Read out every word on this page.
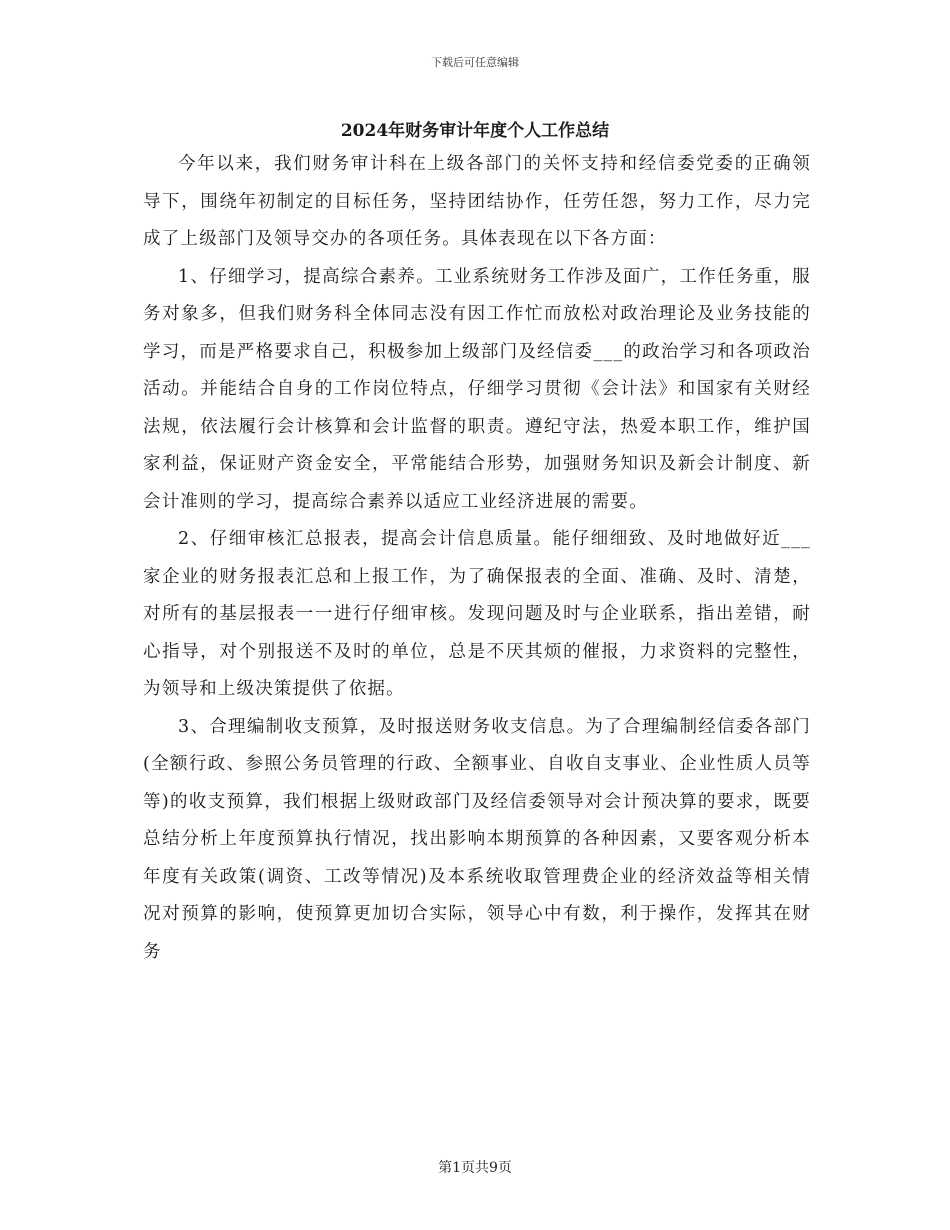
下载后可任意编辑
2024年财务审计年度个人工作总结

今年以来，我们财务审计科在上级各部门的关怀支持和经信委党委的正确领导下，围绕年初制定的目标任务，坚持团结协作，任劳任怨，努力工作，尽力完成了上级部门及领导交办的各项任务。具体表现在以下各方面：

1、仔细学习，提高综合素养。工业系统财务工作涉及面广，工作任务重，服务对象多，但我们财务科全体同志没有因工作忙而放松对政治理论及业务技能的学习，而是严格要求自己，积极参加上级部门及经信委___的政治学习和各项政治活动。并能结合自身的工作岗位特点，仔细学习贯彻《会计法》和国家有关财经法规，依法履行会计核算和会计监督的职责。遵纪守法，热爱本职工作，维护国家利益，保证财产资金安全，平常能结合形势，加强财务知识及新会计制度、新会计准则的学习，提高综合素养以适应工业经济进展的需要。

2、仔细审核汇总报表，提高会计信息质量。能仔细细致、及时地做好近___家企业的财务报表汇总和上报工作，为了确保报表的全面、准确、及时、清楚，对所有的基层报表一一进行仔细审核。发现问题及时与企业联系，指出差错，耐心指导，对个别报送不及时的单位，总是不厌其烦的催报，力求资料的完整性，为领导和上级决策提供了依据。

3、合理编制收支预算，及时报送财务收支信息。为了合理编制经信委各部门(全额行政、参照公务员管理的行政、全额事业、自收自支事业、企业性质人员等等)的收支预算，我们根据上级财政部门及经信委领导对会计预决算的要求，既要总结分析上年度预算执行情况，找出影响本期预算的各种因素，又要客观分析本年度有关政策(调资、工改等情况)及本系统收取管理费企业的经济效益等相关情况对预算的影响，使预算更加切合实际，领导心中有数，利于操作，发挥其在财务

第1页共9页
